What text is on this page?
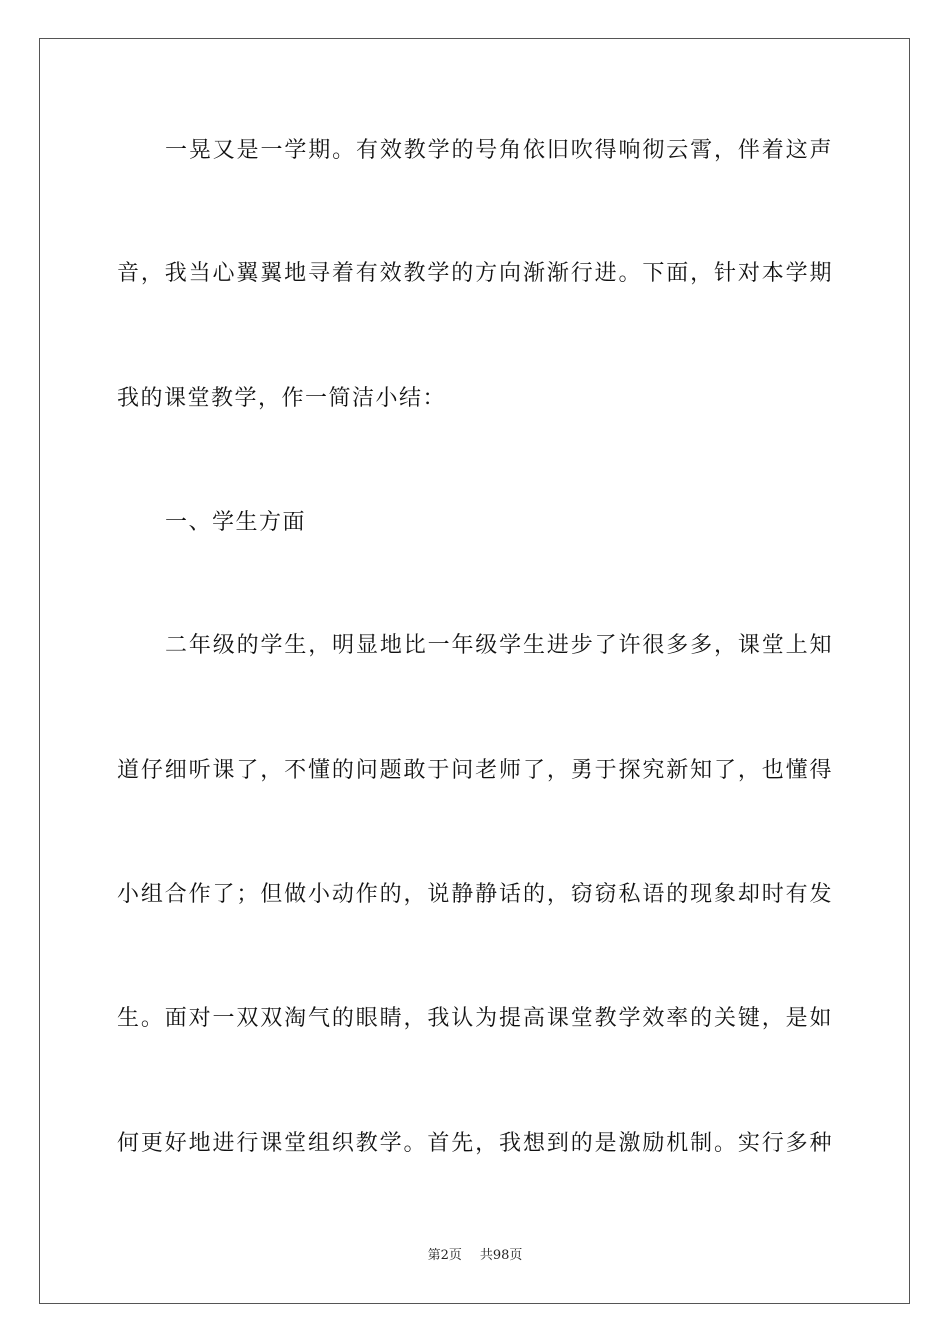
一晃又是一学期。有效教学的号角依旧吹得响彻云霄，伴着这声
音，我当心翼翼地寻着有效教学的方向渐渐行进。下面，针对本学期
我的课堂教学，作一简洁小结：
一、学生方面
二年级的学生，明显地比一年级学生进步了许很多多，课堂上知
道仔细听课了，不懂的问题敢于问老师了，勇于探究新知了，也懂得
小组合作了；但做小动作的，说静静话的，窃窃私语的现象却时有发
生。面对一双双淘气的眼睛，我认为提高课堂教学效率的关键，是如
何更好地进行课堂组织教学。首先，我想到的是激励机制。实行多种
第2页 共98页
